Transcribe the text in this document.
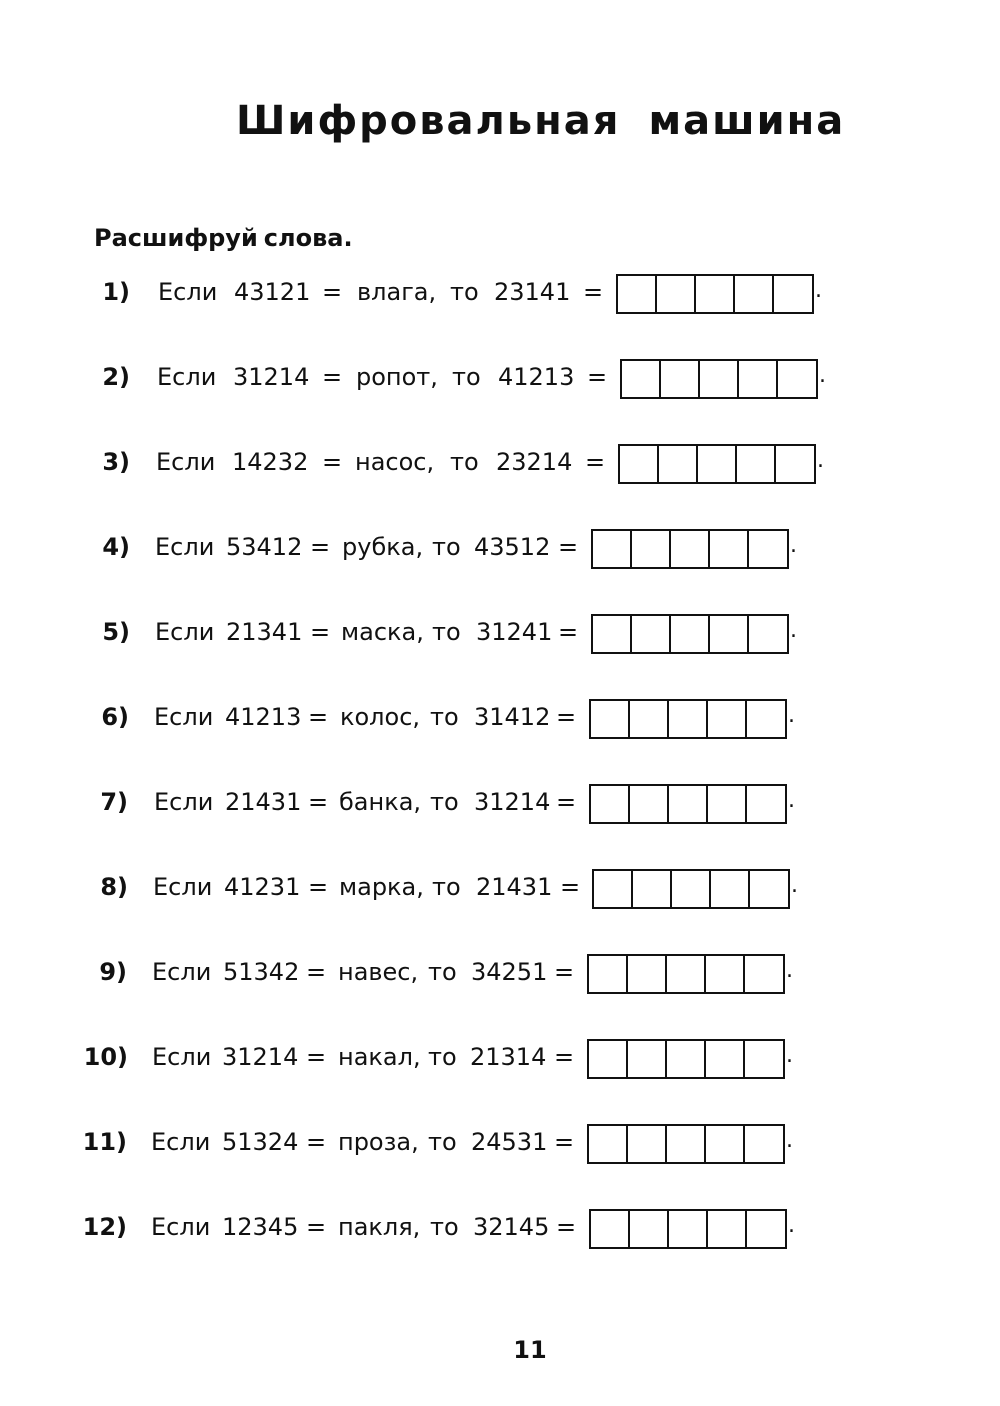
Шифровальная машина
Расшифруй слова.
1) Если 43121 = влага, то 23141 =	.
2) Если 31214 = ропот, то 41213 =	.
3) Если 14232 = насос, то 23214 =	.
4) Если 53412 = рубка, то 43512 =	.
5) Если 21341 = маска, то 31241 =	.
6) Если 41213 = колос, то 31412 =	.
7) Если 21431 = банка, то 31214 =	.
8) Если 41231 = марка, то 21431 =	.
9) Если 51342 = навес, то 34251 =	.
10) Если 31214 = накал, то 21314 =	.
11) Если 51324 = проза, то 24531 =	.
12) Если 12345 = пакля, то 32145 =	.
11
